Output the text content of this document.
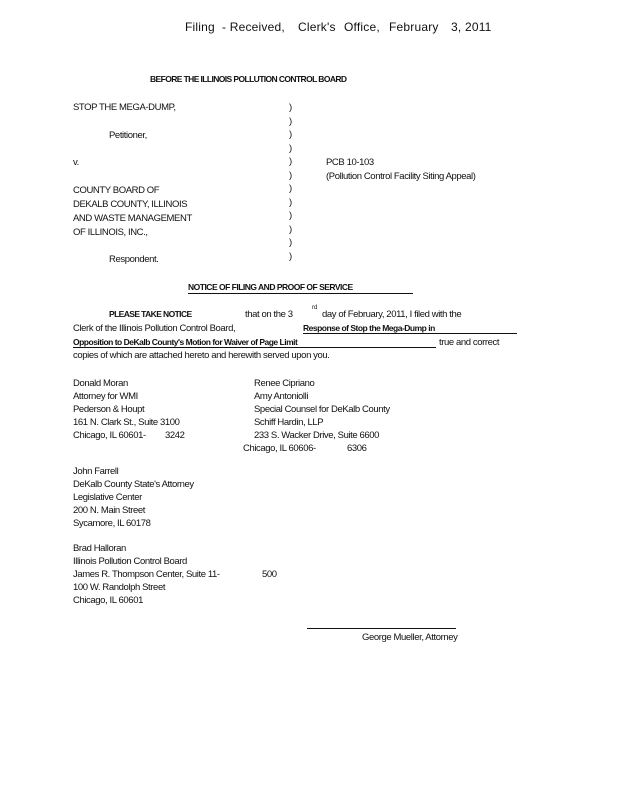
Filing - Received, Clerk's Office, February 3, 2011
BEFORE THE ILLINOIS POLLUTION CONTROL BOARD
STOP THE MEGA-DUMP,
Petitioner,
v.
COUNTY BOARD OF
DEKALB COUNTY, ILLINOIS
AND WASTE MANAGEMENT
OF ILLINOIS, INC.,
Respondent.
)
)
)
)
)
)
)
)
)
)
)
)
PCB 10-103
(Pollution Control Facility Siting Appeal)
NOTICE OF FILING AND PROOF OF SERVICE
PLEASE TAKE NOTICE	that on the 3
rd
day of February, 2011, I filed with the
Clerk of the Illinois Pollution Control Board,	Response of Stop the Mega-Dump in
Opposition to DeKalb County's Motion for Waiver of Page Limit	true and correct
copies of which are attached hereto and herewith served upon you.
Donald Moran
Attorney for WMI
Pederson & Houpt
161 N. Clark St., Suite 3100
Chicago, IL 60601- 3242
Renee Cipriano
Amy Antoniolli
Special Counsel for DeKalb County
Schiff Hardin, LLP
233 S. Wacker Drive, Suite 6600
Chicago, IL 60606-	6306
John Farrell
DeKalb County State's Attorney
Legislative Center
200 N. Main Street
Sycamore, IL 60178
Brad Halloran
Illinois Pollution Control Board
James R. Thompson Center, Suite 11-	500
100 W. Randolph Street
Chicago, IL 60601
George Mueller, Attorney
